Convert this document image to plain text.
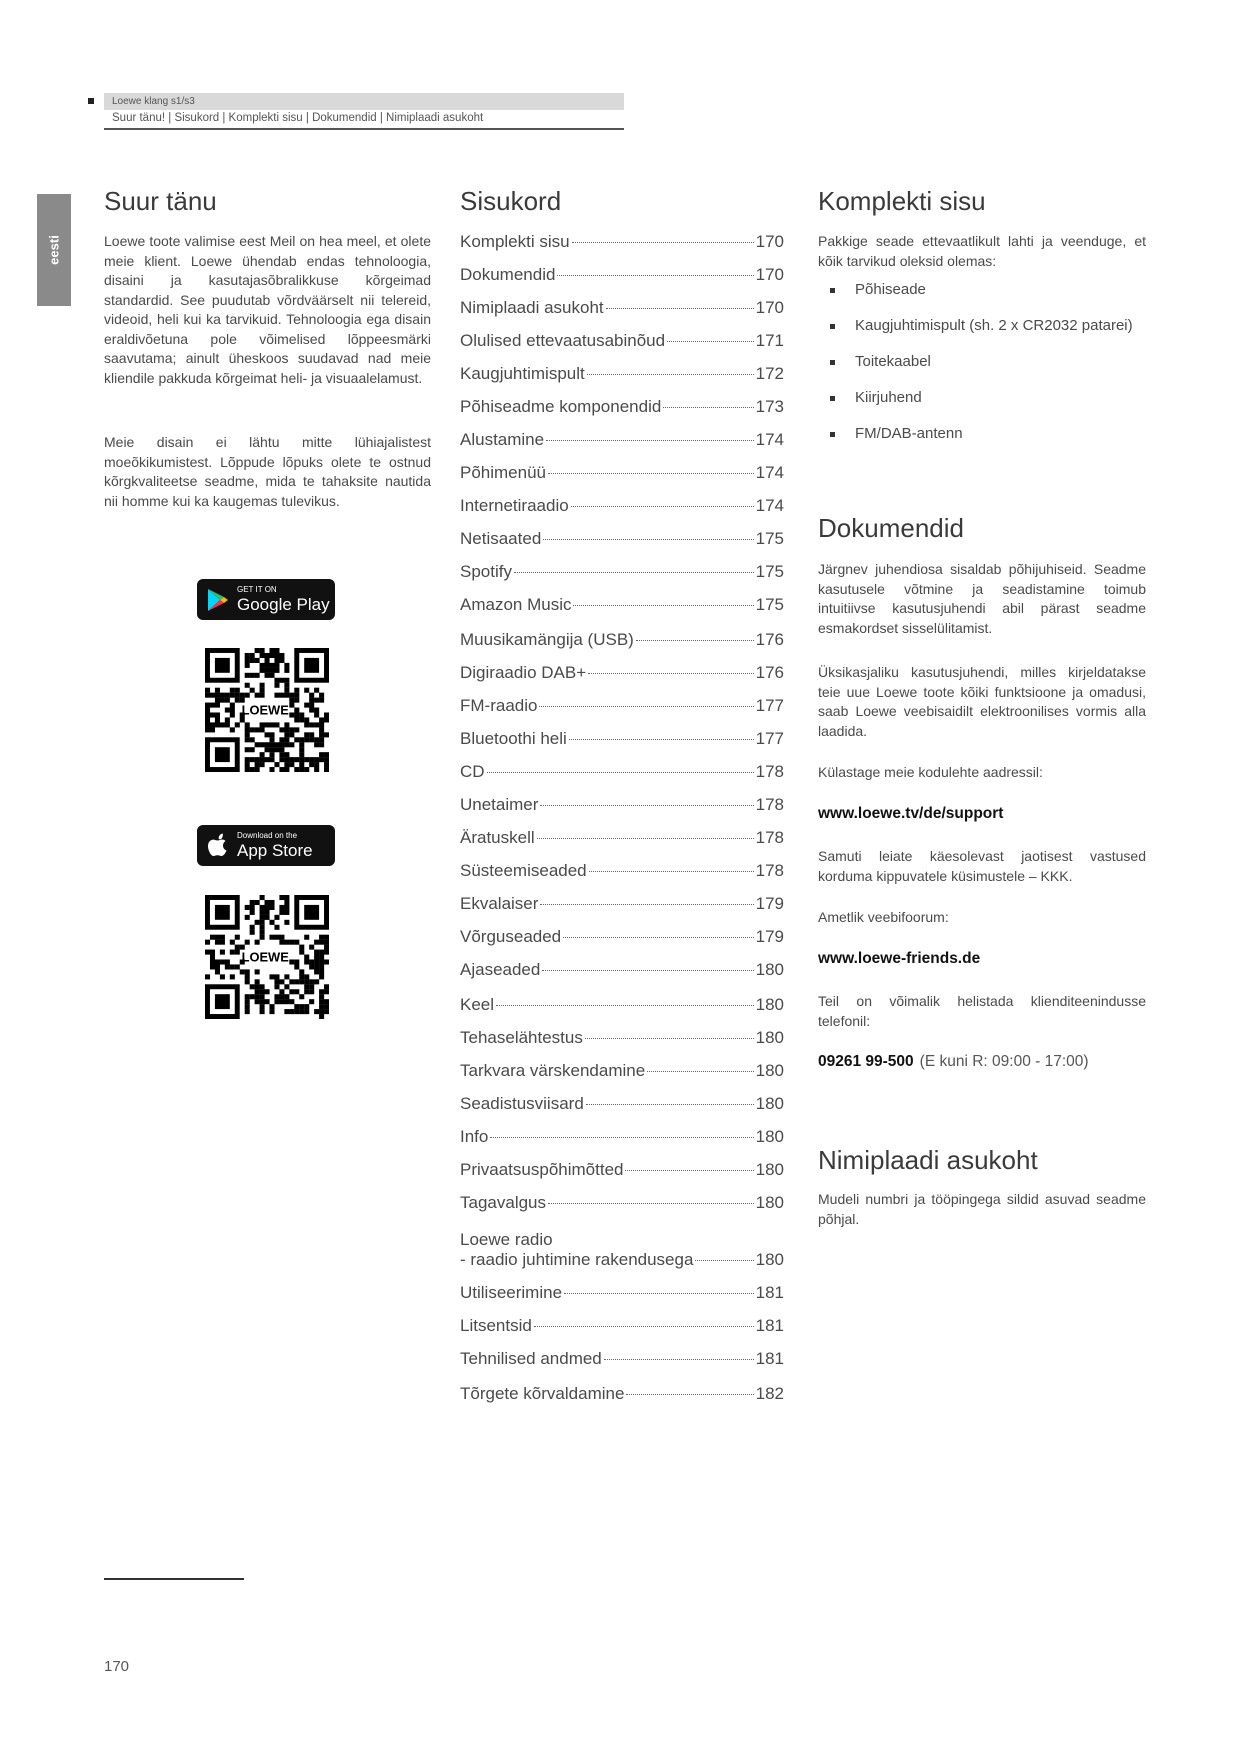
Loewe klang s1/s3
Suur tänu! | Sisukord | Komplekti sisu | Dokumendid | Nimiplaadi asukoht
eesti
Suur tänu
Loewe toote valimise eest Meil on hea meel, et olete meie klient. Loewe ühendab endas tehnoloogia, disaini ja kasutajasõbralikkuse kõrgeimad standardid. See puudutab võrdväärselt nii telereid, videoid, heli kui ka tarvikuid. Tehnoloogia ega disain eraldivõetuna pole võimelised lõppeesmärki saavutama; ainult üheskoos suudavad nad meie kliendile pakkuda kõrgeimat heli- ja visuaalelamust.
Meie disain ei lähtu mitte lühiajalistest moeõkikumistest. Lõppude lõpuks olete te ostnud kõrgkvaliteetse seadme, mida te tahaksite nautida nii homme kui ka kaugemas tulevikus.
GET IT ON
Google Play
LOEWE.
Download on the
App Store
LOEWE.
Sisukord
Komplekti sisu	170
Dokumendid	170
Nimiplaadi asukoht	170
Olulised ettevaatusabinõud	171
Kaugjuhtimispult	172
Põhiseadme komponendid	173
Alustamine	174
Põhimenüü	174
Internetiraadio	174
Netisaated	175
Spotify	175
Amazon Music	175
Muusikamängija (USB)	176
Digiraadio DAB+	176
FM-raadio	177
Bluetoothi heli	177
CD	178
Unetaimer	178
Äratuskell	178
Süsteemiseaded	178
Ekvalaiser	179
Võrguseaded	179
Ajaseaded	180
Keel	180
Tehaselähtestus	180
Tarkvara värskendamine	180
Seadistusviisard	180
Info	180
Privaatsuspõhimõtted	180
Tagavalgus	180
Loewe radio
- raadio juhtimine rakendusega	180
Utiliseerimine	181
Litsentsid	181
Tehnilised andmed	181
Tõrgete kõrvaldamine	182
Komplekti sisu
Pakkige seade ettevaatlikult lahti ja veenduge, et kõik tarvikud oleksid olemas:
Põhiseade
Kaugjuhtimispult (sh. 2 x CR2032 patarei)
Toitekaabel
Kiirjuhend
FM/DAB-antenn
Dokumendid
Järgnev juhendiosa sisaldab põhijuhiseid. Seadme kasutusele võtmine ja seadistamine toimub intuitiivse kasutusjuhendi abil pärast seadme esmakordset sisselülitamist.
Üksikasjaliku kasutusjuhendi, milles kirjeldatakse teie uue Loewe toote kõiki funktsioone ja omadusi, saab Loewe veebisaidilt elektroonilises vormis alla laadida.
Külastage meie kodulehte aadressil:
www.loewe.tv/de/support
Samuti leiate käesolevast jaotisest vastused korduma kippuvatele küsimustele – KKK.
Ametlik veebifoorum:
www.loewe-friends.de
Teil on võimalik helistada klienditeenindusse telefonil:
09261 99-500 (E kuni R: 09:00 - 17:00)
Nimiplaadi asukoht
Mudeli numbri ja tööpingega sildid asuvad seadme põhjal.
170
